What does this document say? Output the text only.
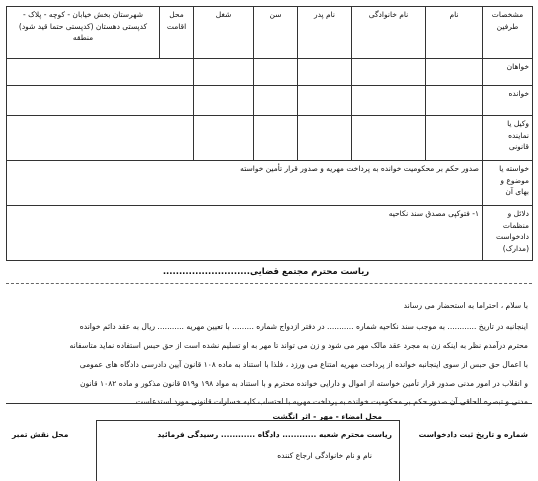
مشخصات طرفین	نام	نام خانوادگی	نام پدر	سن	شغل	محل اقامت	شهرستان بخش خیابان - کوچه - پلاک - کدپستی دهستان (کدپستی حتما قید شود) منطقه
خواهان							
خوانده							
وکیل یا نماینده قانونی							
خواسته یا موضوع و بهای آن	صدور حکم بر محکومیت خوانده به پرداخت مهریه و صدور قرار تأمین خواسته						
دلائل و منظمات دادخواست (مدارک)	۱- فتوکپی مصدق سند نکاحیه						
ریاست محترم مجتمع قضایی...........................
با سلام ، احتراما به استحضار می رساند
اینجانبه در تاریخ ............ به موجب سند نکاحیه شماره ........... در دفتر ازدواج شماره ......... با تعیین مهریه ........... ریال به عقد دائم خوانده
محترم درآمدم نظر به اینکه زن به مجرد عقد مالک مهر می شود و زن می تواند تا مهر به او تسلیم نشده است از حق حبس استفاده نماید متاسفانه
با اعمال حق حبس از سوی اینجانبه خوانده از پرداخت مهریه امتناع می ورزد ، فلذا با استناد به ماده ۱۰۸ قانون آیین دادرسی دادگاه های عمومی
و انقلاب در امور مدنی صدور قرار تأمین خواسته از اموال و دارایی خوانده محترم و با استناد به مواد ۱۹۸ و۵۱۹ قانون مذکور و ماده ۱۰۸۲ قانون
مدنی و تبصره الحاقی آن صدور حکم بر محکومیت خوانده به پرداخت مهریه با احتساب کلیه خسارات قانونی مورد استدعاست.
محل امضاء - مهر - اثر انگشت
شماره و تاریخ ثبت دادخواست
ریاست محترم شعبه ............ دادگاه ............ رسیدگی فرمائید
محل نقش تمبر
نام و نام خانوادگی ارجاع کننده
